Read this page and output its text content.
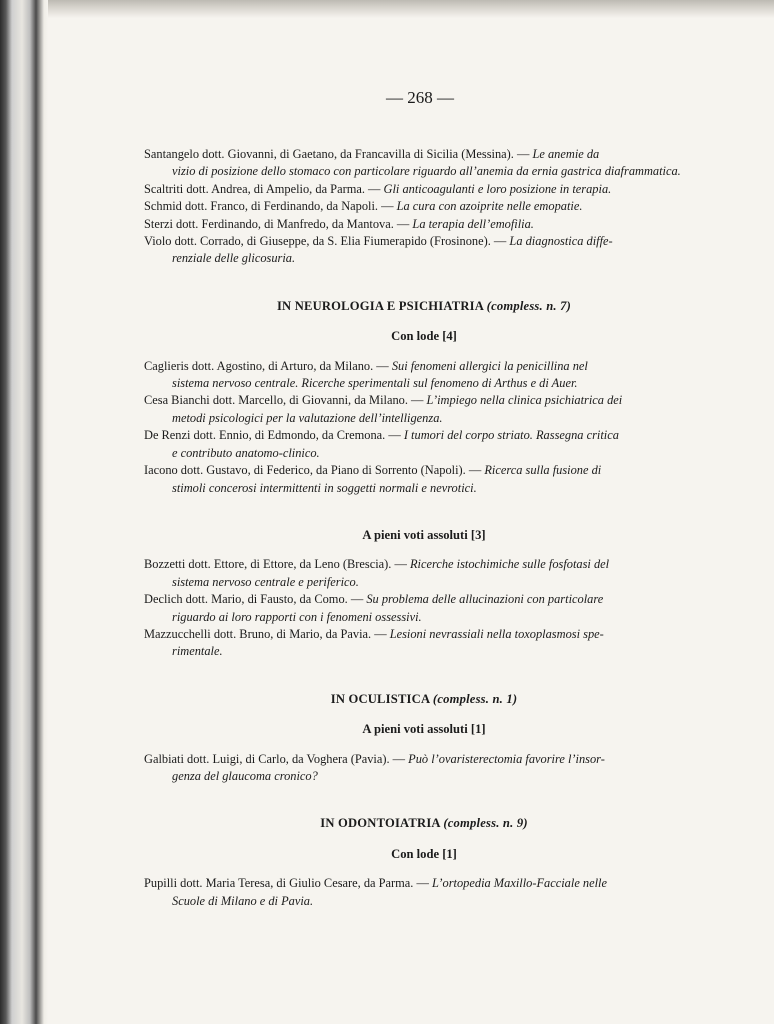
— 268 —
Santangelo dott. Giovanni, di Gaetano, da Francavilla di Sicilia (Messina). — Le anemie da
vizio di posizione dello stomaco con particolare riguardo all’anemia da ernia gastrica diaframmatica.
Scaltriti dott. Andrea, di Ampelio, da Parma. — Gli anticoagulanti e loro posizione in terapia.
Schmid dott. Franco, di Ferdinando, da Napoli. — La cura con azoiprite nelle emopatie.
Sterzi dott. Ferdinando, di Manfredo, da Mantova. — La terapia dell’emofilia.
Violo dott. Corrado, di Giuseppe, da S. Elia Fiumerapido (Frosinone). — La diagnostica diffe-
renziale delle glicosuria.
IN NEUROLOGIA E PSICHIATRIA (compless. n. 7)
Con lode [4]
Caglieris dott. Agostino, di Arturo, da Milano. — Sui fenomeni allergici la penicillina nel
sistema nervoso centrale. Ricerche sperimentali sul fenomeno di Arthus e di Auer.
Cesa Bianchi dott. Marcello, di Giovanni, da Milano. — L’impiego nella clinica psichiatrica dei
metodi psicologici per la valutazione dell’intelligenza.
De Renzi dott. Ennio, di Edmondo, da Cremona. — I tumori del corpo striato. Rassegna critica
e contributo anatomo-clinico.
Iacono dott. Gustavo, di Federico, da Piano di Sorrento (Napoli). — Ricerca sulla fusione di
stimoli concerosi intermittenti in soggetti normali e nevrotici.
A pieni voti assoluti [3]
Bozzetti dott. Ettore, di Ettore, da Leno (Brescia). — Ricerche istochimiche sulle fosfotasi del
sistema nervoso centrale e periferico.
Declich dott. Mario, di Fausto, da Como. — Su problema delle allucinazioni con particolare
riguardo ai loro rapporti con i fenomeni ossessivi.
Mazzucchelli dott. Bruno, di Mario, da Pavia. — Lesioni nevrassiali nella toxoplasmosi spe-
rimentale.
IN OCULISTICA (compless. n. 1)
A pieni voti assoluti [1]
Galbiati dott. Luigi, di Carlo, da Voghera (Pavia). — Può l’ovaristerectomia favorire l’insor-
genza del glaucoma cronico?
IN ODONTOIATRIA (compless. n. 9)
Con lode [1]
Pupilli dott. Maria Teresa, di Giulio Cesare, da Parma. — L’ortopedia Maxillo-Facciale nelle
Scuole di Milano e di Pavia.
